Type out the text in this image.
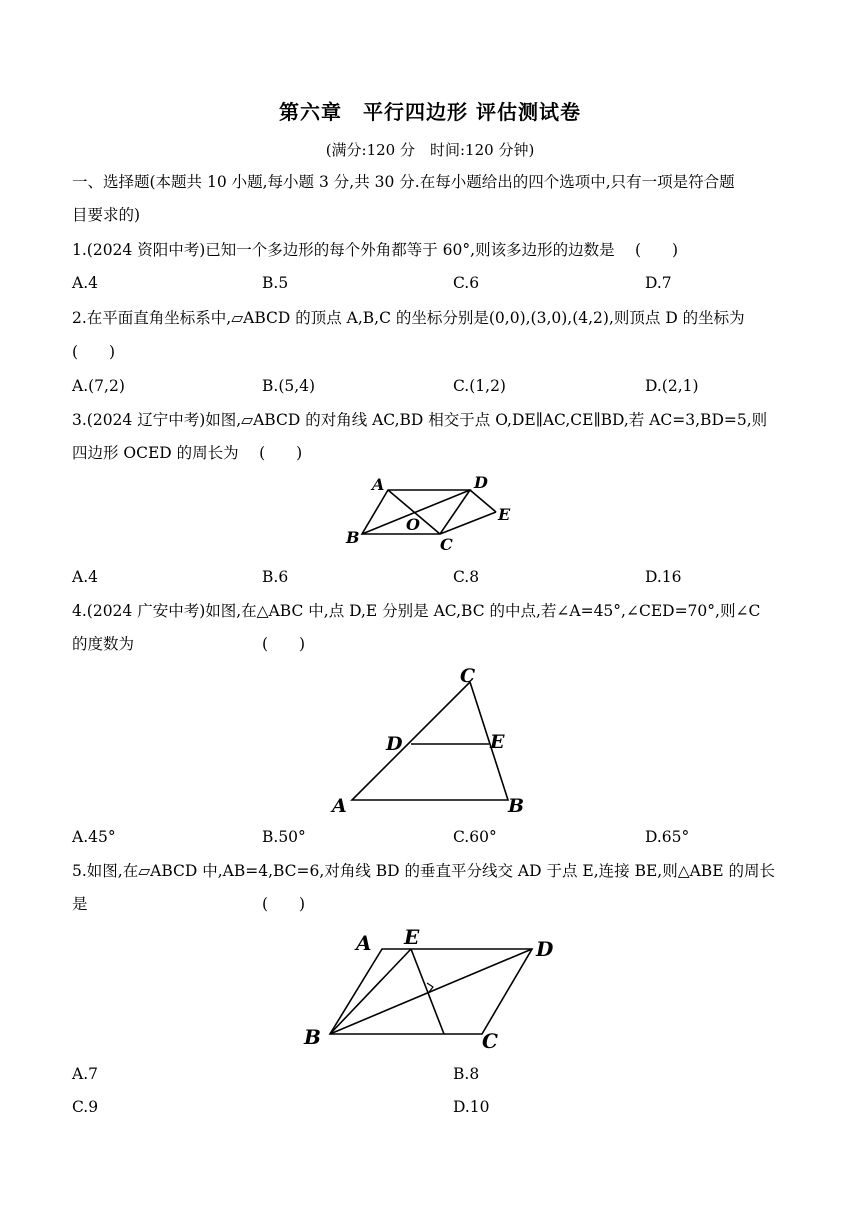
第六章　平行四边形 评估测试卷
(满分:120 分　时间:120 分钟)
一、选择题(本题共 10 小题,每小题 3 分,共 30 分.在每小题给出的四个选项中,只有一项是符合题
目要求的)
1.(2024 资阳中考)已知一个多边形的每个外角都等于 60°,则该多边形的边数是　 (　　)
A.4	B.5	C.6	D.7
2.在平面直角坐标系中,▱ABCD 的顶点 A,B,C 的坐标分别是(0,0),(3,0),(4,2),则顶点 D 的坐标为
(　　)
A.(7,2)	B.(5,4)	C.(1,2)	D.(2,1)
3.(2024 辽宁中考)如图,▱ABCD 的对角线 AC,BD 相交于点 O,DE∥AC,CE∥BD,若 AC=3,BD=5,则
四边形 OCED 的周长为　 (　　)
A	D
E
O
B	C
A.4	B.6	C.8	D.16
4.(2024 广安中考)如图,在△ABC 中,点 D,E 分别是 AC,BC 的中点,若∠A=45°,∠CED=70°,则∠C
的度数为	(　　)
C
D	E
A	B
A.45°	B.50°	C.60°	D.65°
5.如图,在▱ABCD 中,AB=4,BC=6,对角线 BD 的垂直平分线交 AD 于点 E,连接 BE,则△ABE 的周长
是	(　　)
A E	D
B	C
A.7	B.8
C.9	D.10
